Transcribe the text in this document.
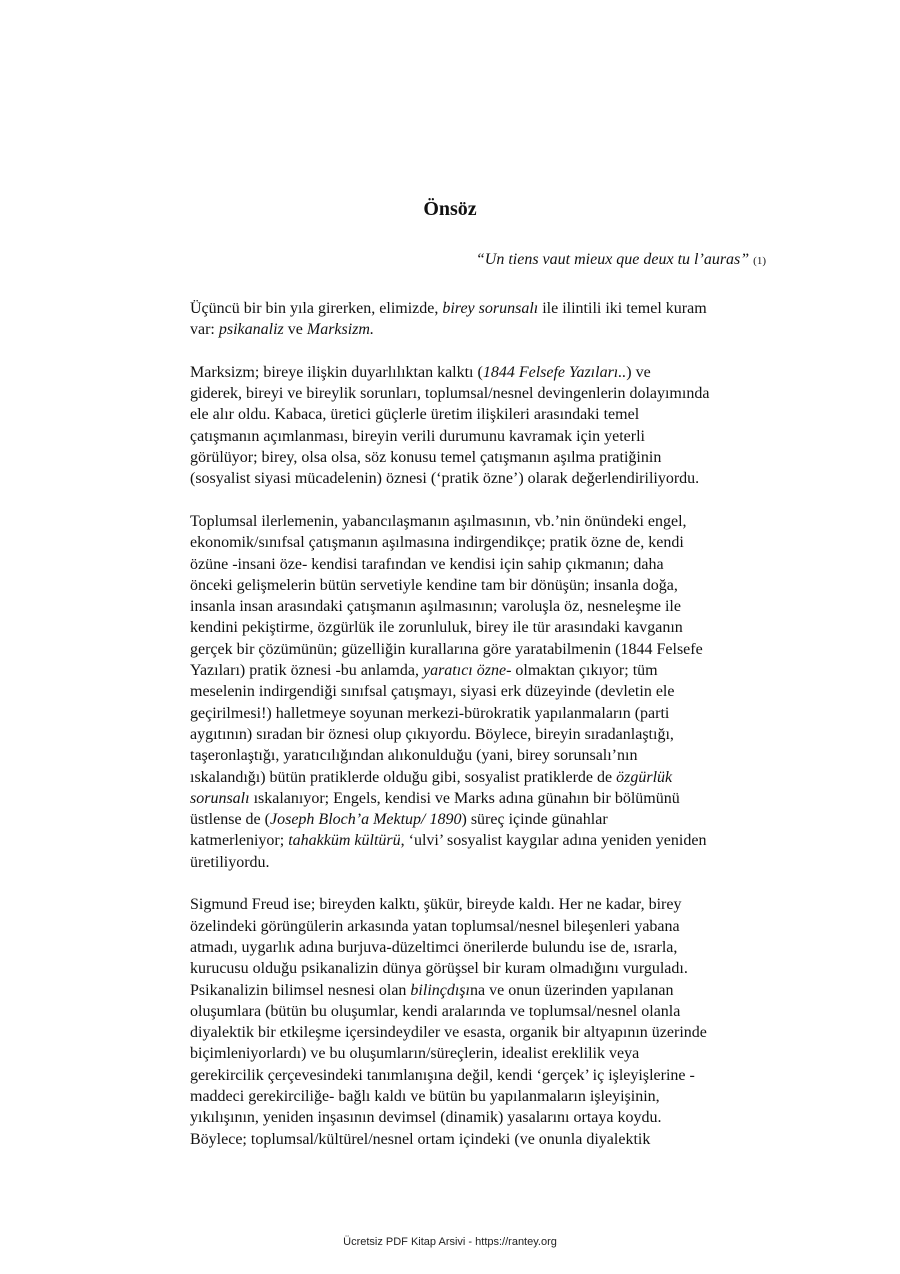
Önsöz
“Un tiens vaut mieux que deux tu l’auras” (1)

Üçüncü bir bin yıla girerken, elimizde, birey sorunsalı ile ilintili iki temel kuram
var: psikanaliz ve Marksizm.

Marksizm; bireye ilişkin duyarlılıktan kalktı (1844 Felsefe Yazıları..) ve
giderek, bireyi ve bireylik sorunları, toplumsal/nesnel devingenlerin dolayımında
ele alır oldu. Kabaca, üretici güçlerle üretim ilişkileri arasındaki temel
çatışmanın açımlanması, bireyin verili durumunu kavramak için yeterli
görülüyor; birey, olsa olsa, söz konusu temel çatışmanın aşılma pratiğinin
(sosyalist siyasi mücadelenin) öznesi (‘pratik özne’) olarak değerlendiriliyordu.

Toplumsal ilerlemenin, yabancılaşmanın aşılmasının, vb.’nin önündeki engel,
ekonomik/sınıfsal çatışmanın aşılmasına indirgendikçe; pratik özne de, kendi
özüne -insani öze- kendisi tarafından ve kendisi için sahip çıkmanın; daha
önceki gelişmelerin bütün servetiyle kendine tam bir dönüşün; insanla doğa,
insanla insan arasındaki çatışmanın aşılmasının; varoluşla öz, nesneleşme ile
kendini pekiştirme, özgürlük ile zorunluluk, birey ile tür arasındaki kavganın
gerçek bir çözümünün; güzelliğin kurallarına göre yaratabilmenin (1844 Felsefe
Yazıları) pratik öznesi -bu anlamda, yaratıcı özne- olmaktan çıkıyor; tüm
meselenin indirgendiği sınıfsal çatışmayı, siyasi erk düzeyinde (devletin ele
geçirilmesi!) halletmeye soyunan merkezi-bürokratik yapılanmaların (parti
aygıtının) sıradan bir öznesi olup çıkıyordu. Böylece, bireyin sıradanlaştığı,
taşeronlaştığı, yaratıcılığından alıkonulduğu (yani, birey sorunsalı’nın
ıskalandığı) bütün pratiklerde olduğu gibi, sosyalist pratiklerde de özgürlük
sorunsalı ıskalanıyor; Engels, kendisi ve Marks adına günahın bir bölümünü
üstlense de (Joseph Bloch’a Mektup/ 1890) süreç içinde günahlar
katmerleniyor; tahakküm kültürü, ‘ulvi’ sosyalist kaygılar adına yeniden yeniden
üretiliyordu.

Sigmund Freud ise; bireyden kalktı, şükür, bireyde kaldı. Her ne kadar, birey
özelindeki görüngülerin arkasında yatan toplumsal/nesnel bileşenleri yabana
atmadı, uygarlık adına burjuva-düzeltimci önerilerde bulundu ise de, ısrarla,
kurucusu olduğu psikanalizin dünya görüşsel bir kuram olmadığını vurguladı.
Psikanalizin bilimsel nesnesi olan bilinçdışına ve onun üzerinden yapılanan
oluşumlara (bütün bu oluşumlar, kendi aralarında ve toplumsal/nesnel olanla
diyalektik bir etkileşme içersindeydiler ve esasta, organik bir altyapının üzerinde
biçimleniyorlardı) ve bu oluşumların/süreçlerin, idealist ereklilik veya
gerekircilik çerçevesindeki tanımlanışına değil, kendi ‘gerçek’ iç işleyişlerine -
maddeci gerekirciliğe- bağlı kaldı ve bütün bu yapılanmaların işleyişinin,
yıkılışının, yeniden inşasının devimsel (dinamik) yasalarını ortaya koydu.
Böylece; toplumsal/kültürel/nesnel ortam içindeki (ve onunla diyalektik

Ücretsiz PDF Kitap Arsivi - https://rantey.org
